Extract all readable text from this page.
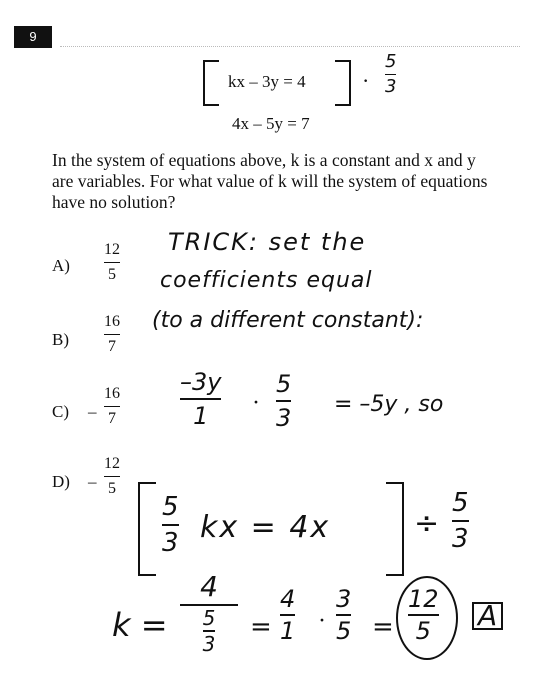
9
kx – 3y = 4	·
5
3
4x – 5y = 7
In the system of equations above, k is a constant and x and y are variables. For what value of k will the system of equations have no solution?
A)
12
5
B)
16
7
C) –
16
7
D) –
12
5
TRICK: set the
coefficients equal
(to a different constant):
–3y
1	·
5
3 = –5y , so
5
3 kx = 4x	÷
5
3
k =
4
$\frac{5}{3}$ =
4
1 ·
3
5 =
12
5 A
